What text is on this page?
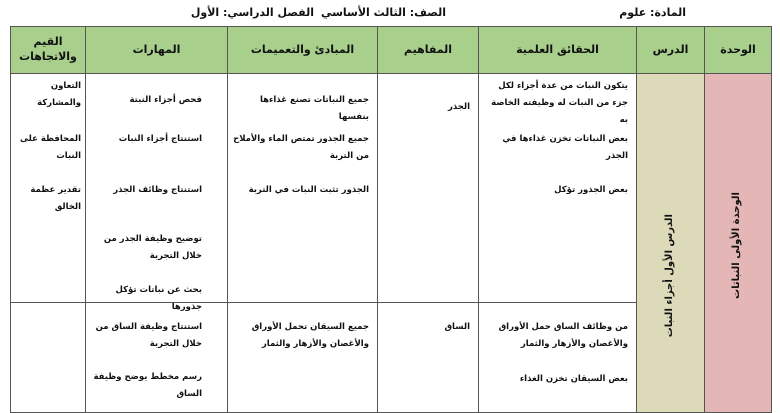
المادة: علوم
الصف: الثالث الأساسي
الفصل الدراسي: الأول
الوحدة
الدرس
الحقائق العلمية
المفاهيم
المبادئ والتعميمات
المهارات
القيم
والاتجاهات
الوحدة الأولى النباتات
الدرس الأول أجزاء النبات
يتكون النبات من عدة أجزاء لكل جزء من النبات له وظيفته الخاصة به
بعض النباتات تخزن غذاءها في الجذر
بعض الجذور تؤكل
الجذر
جميع النباتات تصنع غذاءها بنفسها
جميع الجذور تمتص الماء والأملاح من التربة
الجذور تثبت النبات في التربة
فحص أجزاء النبتة
استنتاج أجزاء النبات
استنتاج وظائف الجذر
توضيح وظيفة الجذر من خلال التجربة
بحث عن نباتات تؤكل جذورها
التعاون والمشاركة
المحافظة على النبات
تقدير عظمة الخالق
من وظائف الساق حمل الأوراق والأغصان والأزهار والثمار
بعض السيقان تخزن الغذاء
الساق
جميع السيقان تحمل الأوراق والأغصان والأزهار والثمار
استنتاج وظيفة الساق من خلال التجربة
رسم مخطط يوضح وظيفة الساق
